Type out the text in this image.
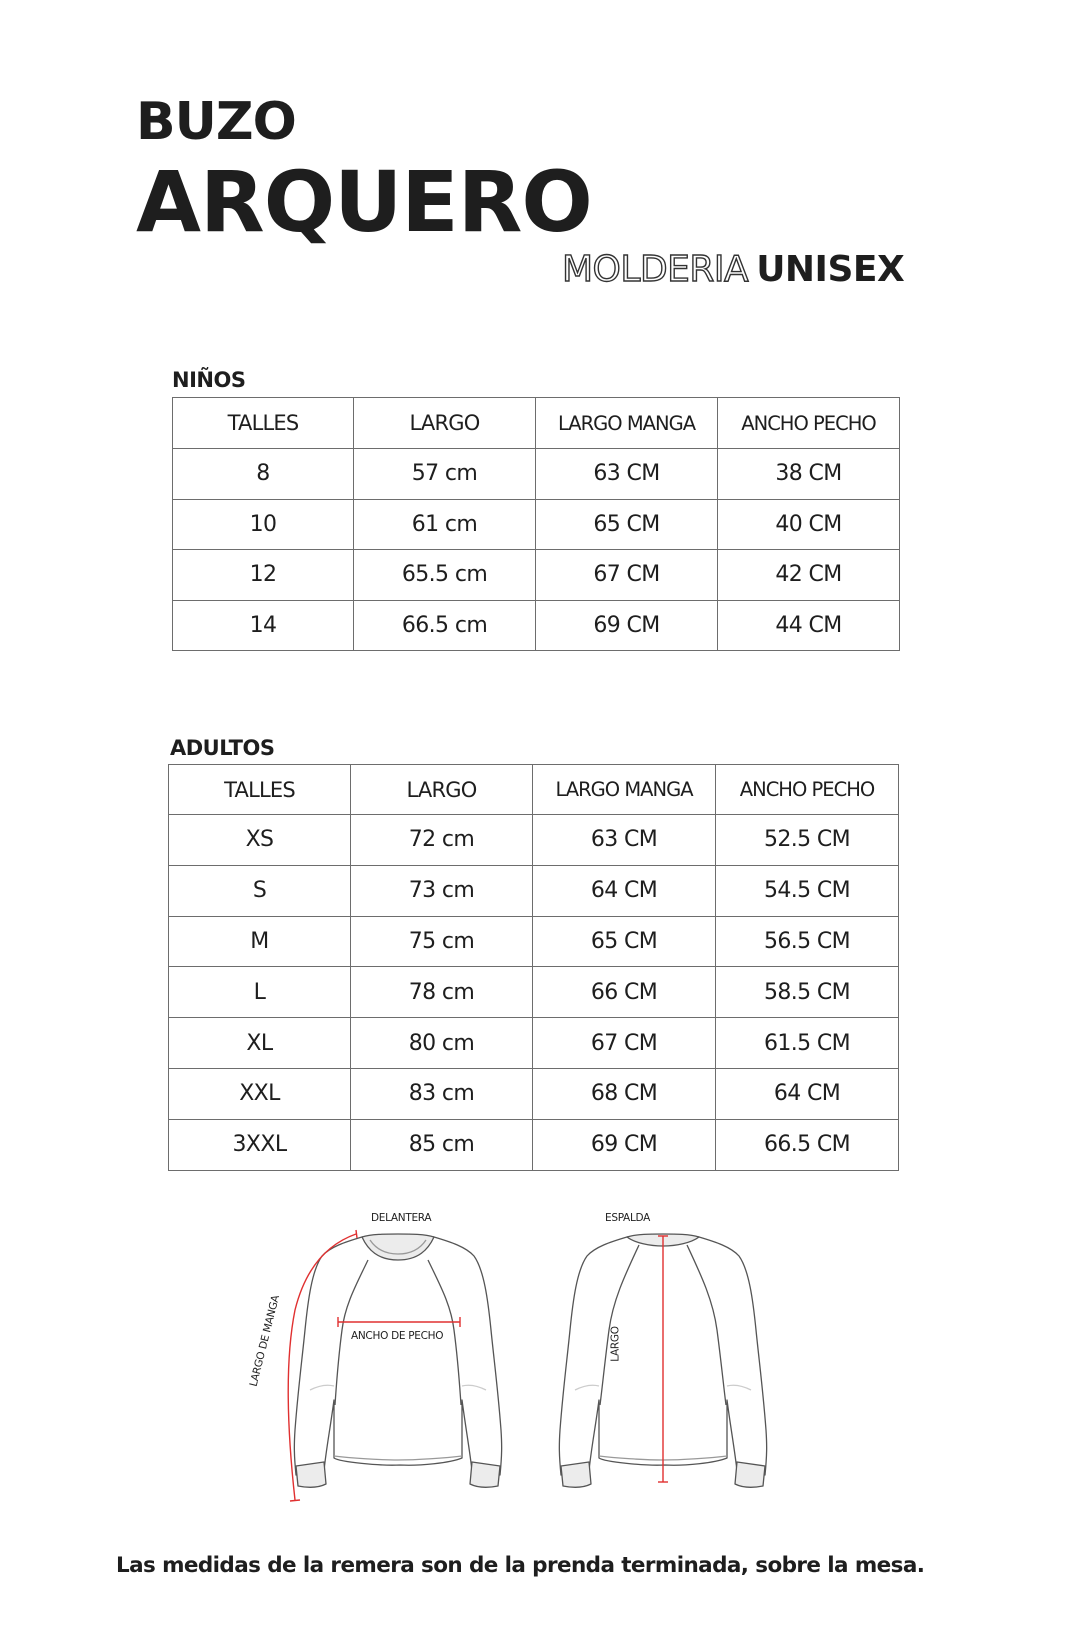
BUZO
ARQUERO
MOLDERIA UNISEX
NIÑOS
TALLES	LARGO	LARGO MANGA	ANCHO PECHO
8	57 cm	63 CM	38 CM
10	61 cm	65 CM	40 CM
12	65.5 cm	67 CM	42 CM
14	66.5 cm	69 CM	44 CM
ADULTOS
TALLES	LARGO	LARGO MANGA	ANCHO PECHO
XS	72 cm	63 CM	52.5 CM
S	73 cm	64 CM	54.5 CM
M	75 cm	65 CM	56.5 CM
L	78 cm	66 CM	58.5 CM
XL	80 cm	67 CM	61.5 CM
XXL	83 cm	68 CM	64 CM
3XXL	85 cm	69 CM	66.5 CM
DELANTERA	ESPALDA
ANCHO DE PECHO
LARGO DE MANGA	LARGO
Las medidas de la remera son de la prenda terminada, sobre la mesa.
